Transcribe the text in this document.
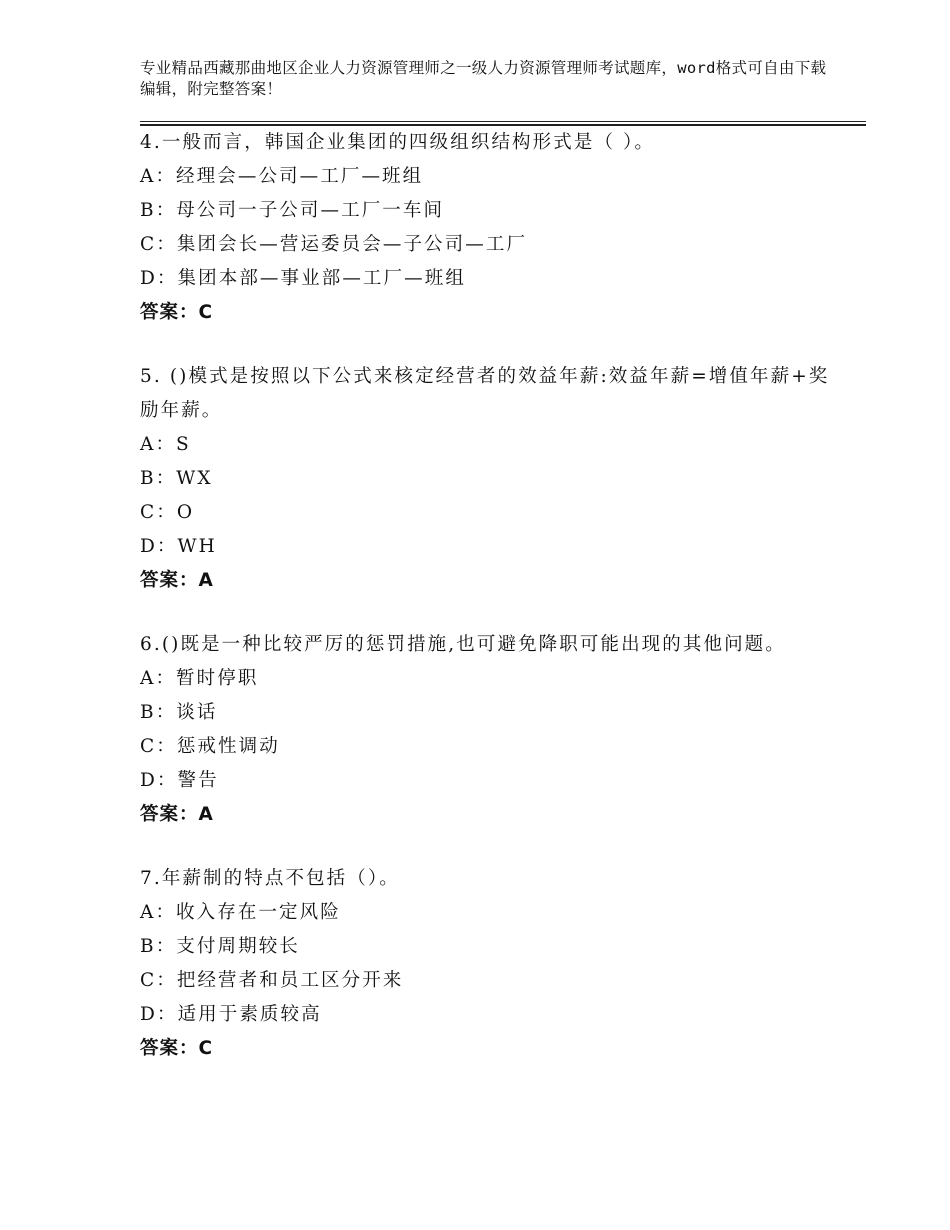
专业精品西藏那曲地区企业人力资源管理师之一级人力资源管理师考试题库，word格式可自由下载编辑，附完整答案！
4.一般而言，韩国企业集团的四级组织结构形式是（ ）。
A：经理会—公司—工厂—班组
B：母公司一子公司—工厂一车间
C：集团会长—营运委员会—子公司—工厂
D：集团本部—事业部—工厂—班组
答案：C
5. ()模式是按照以下公式来核定经营者的效益年薪:效益年薪=增值年薪+奖励年薪。
A：S
B：WX
C：O
D：WH
答案：A
6.()既是一种比较严厉的惩罚措施,也可避免降职可能出现的其他问题。
A：暂时停职
B：谈话
C：惩戒性调动
D：警告
答案：A
7.年薪制的特点不包括（）。
A：收入存在一定风险
B：支付周期较长
C：把经营者和员工区分开来
D：适用于素质较高
答案：C
